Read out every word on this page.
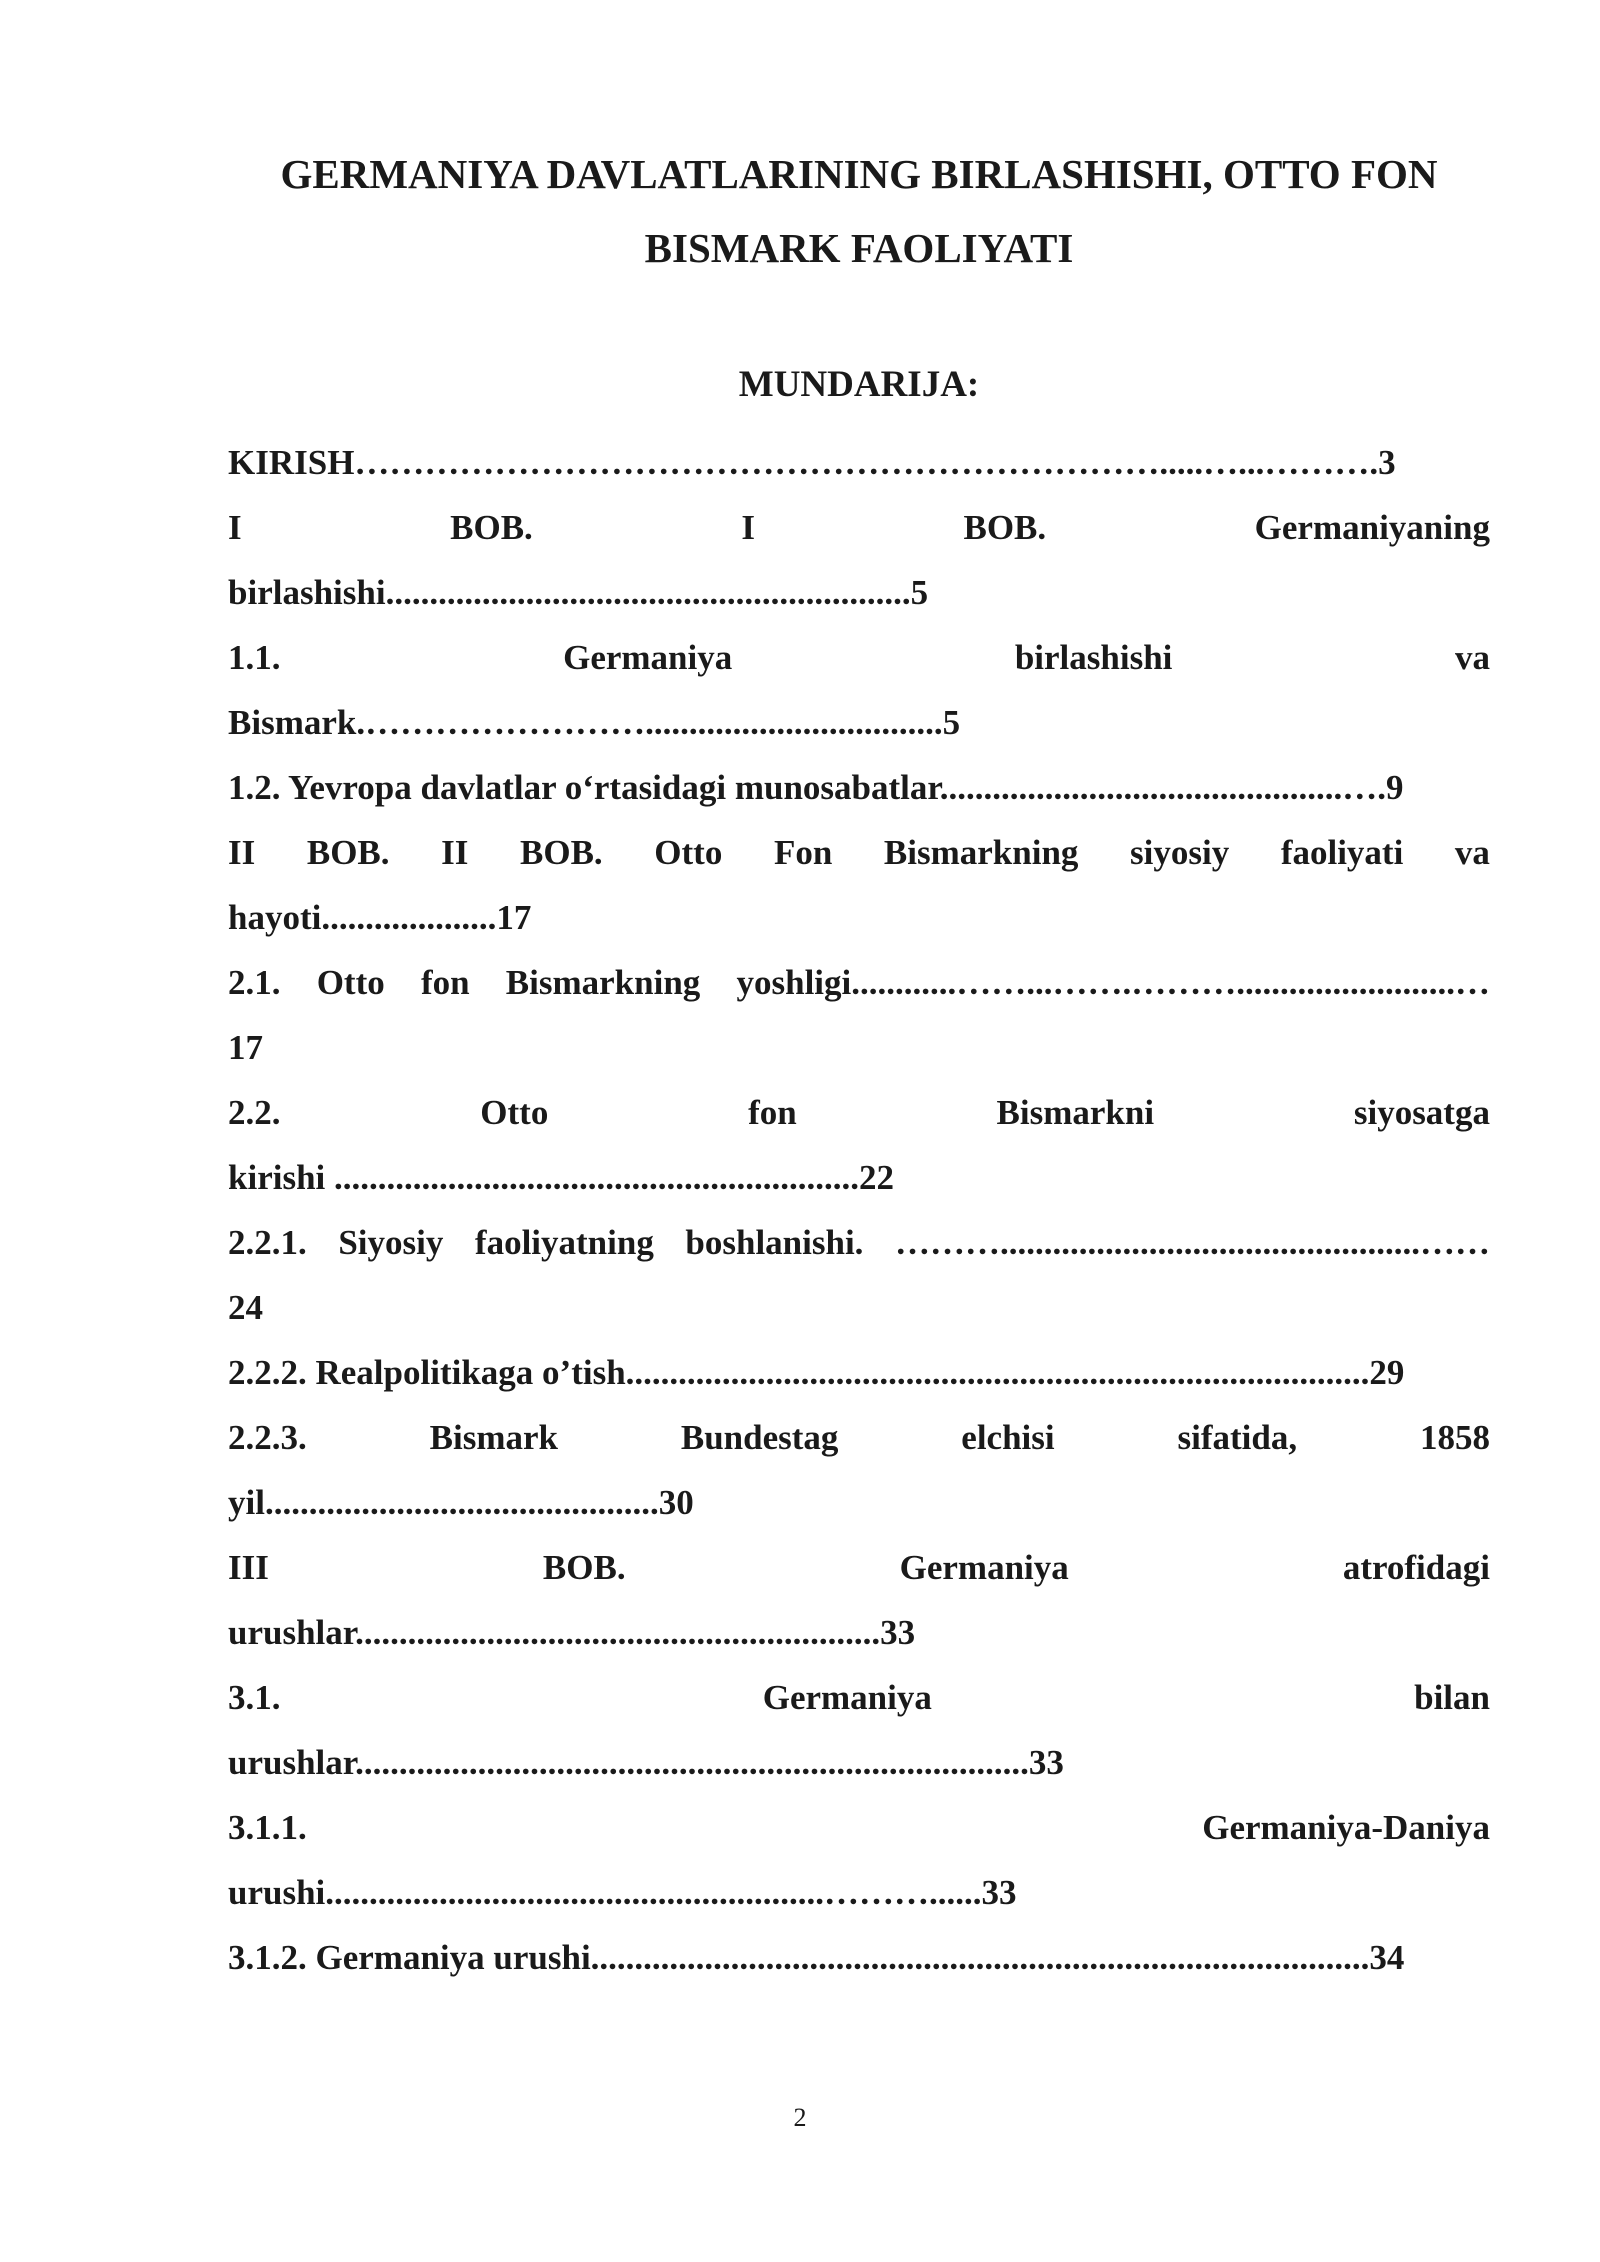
GERMANIYA DAVLATLARINING BIRLASHISHI, OTTO FON
BISMARK FAOLIYATI
MUNDARIJA:
KIRISH…………………………………………………………….....…...……….3
I	BOB.	I	BOB.	Germaniyaning
birlashishi............................................................5
1.1.	Germaniya	birlashishi	va
Bismark.……………………..................................5
1.2. Yevropa davlatlar o‘rtasidagi munosabatlar..............................................….9
II BOB. II BOB. Otto Fon Bismarkning siyosiy faoliyati va
hayoti....................17
2.1. Otto fon Bismarkning yoshligi............……...…….……….........................…
17
2.2.	Otto	fon	Bismarkni	siyosatga
kirishi ............................................................22
2.2.1. Siyosiy faoliyatning boshlanishi. ………................................................……
24
2.2.2. Realpolitikaga o’tish.....................................................................................29
2.2.3.	Bismark	Bundestag	elchisi	sifatida,	1858
yil.............................................30
III	BOB.	Germaniya	atrofidagi
urushlar............................................................33
3.1.	Germaniya	bilan
urushlar.............................................................................33
3.1.1.	Germaniya-Daniya
urushi.........................................................………......33
3.1.2. Germaniya urushi.........................................................................................34
2
